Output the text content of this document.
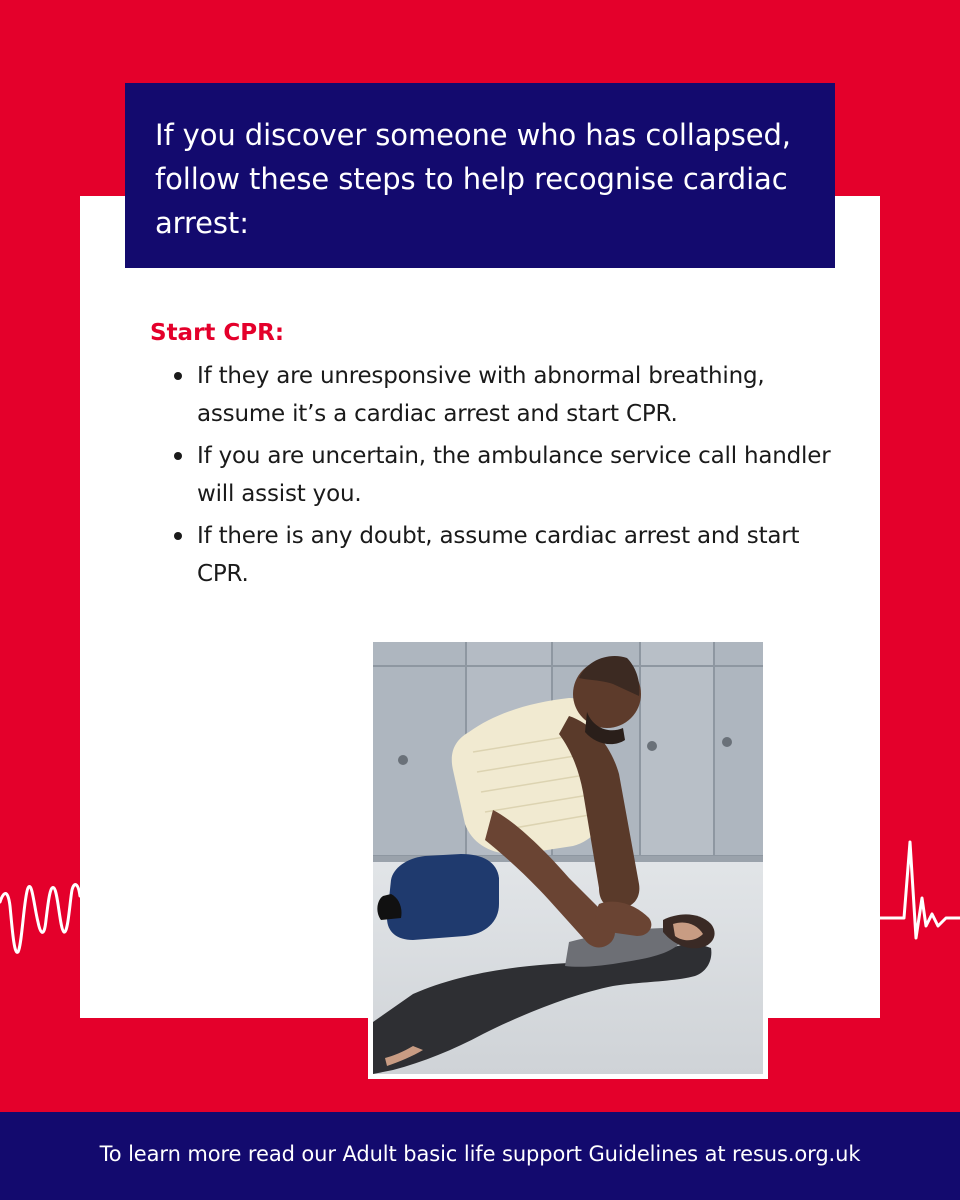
If you discover someone who has collapsed, follow these steps to help recognise cardiac arrest:

Start CPR:
If they are unresponsive with abnormal breathing, assume it’s a cardiac arrest and start CPR.
If you are uncertain, the ambulance service call handler will assist you.
If there is any doubt, assume cardiac arrest and start CPR.
To learn more read our Adult basic life support Guidelines at resus.org.uk
